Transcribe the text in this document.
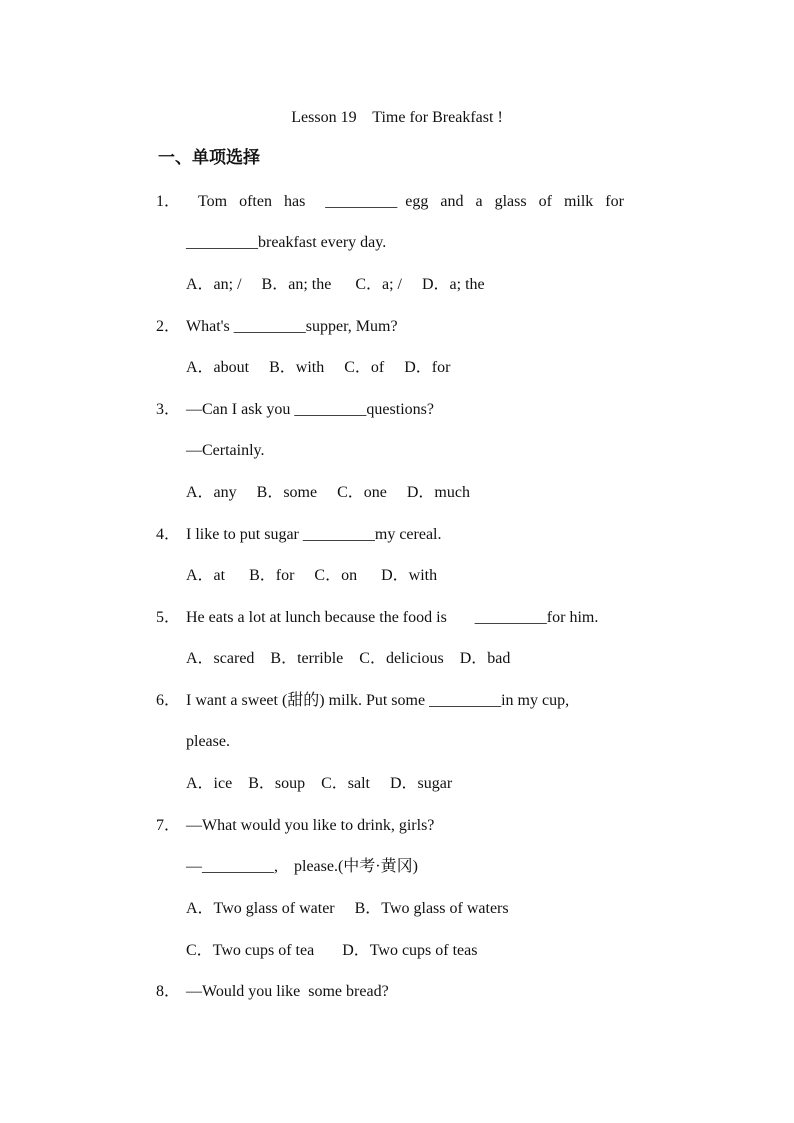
Lesson 19    Time for Breakfast !
一、单项选择
1． Tom   often   has     _________  egg   and   a   glass   of   milk   for
_________breakfast every day.
A．an; /     B．an; the      C．a; /     D．a; the
2． What's _________supper, Mum?
A．about     B．with     C．of     D．for
3． —Can I ask you _________questions?
—Certainly.
A．any     B．some     C．one     D．much
4． I like to put sugar _________my cereal.
A．at      B．for     C．on      D．with
5． He eats a lot at lunch because the food is       _________for him.
A．scared    B．terrible    C．delicious    D．bad
6． I want a sweet (甜的) milk. Put some _________in my cup,
please.
A．ice    B．soup    C．salt     D．sugar
7． —What would you like to drink, girls?
—_________,    please.(中考·黄冈)
A．Two glass of water     B．Two glass of waters
C．Two cups of tea       D．Two cups of teas
8． —Would you like  some bread?
